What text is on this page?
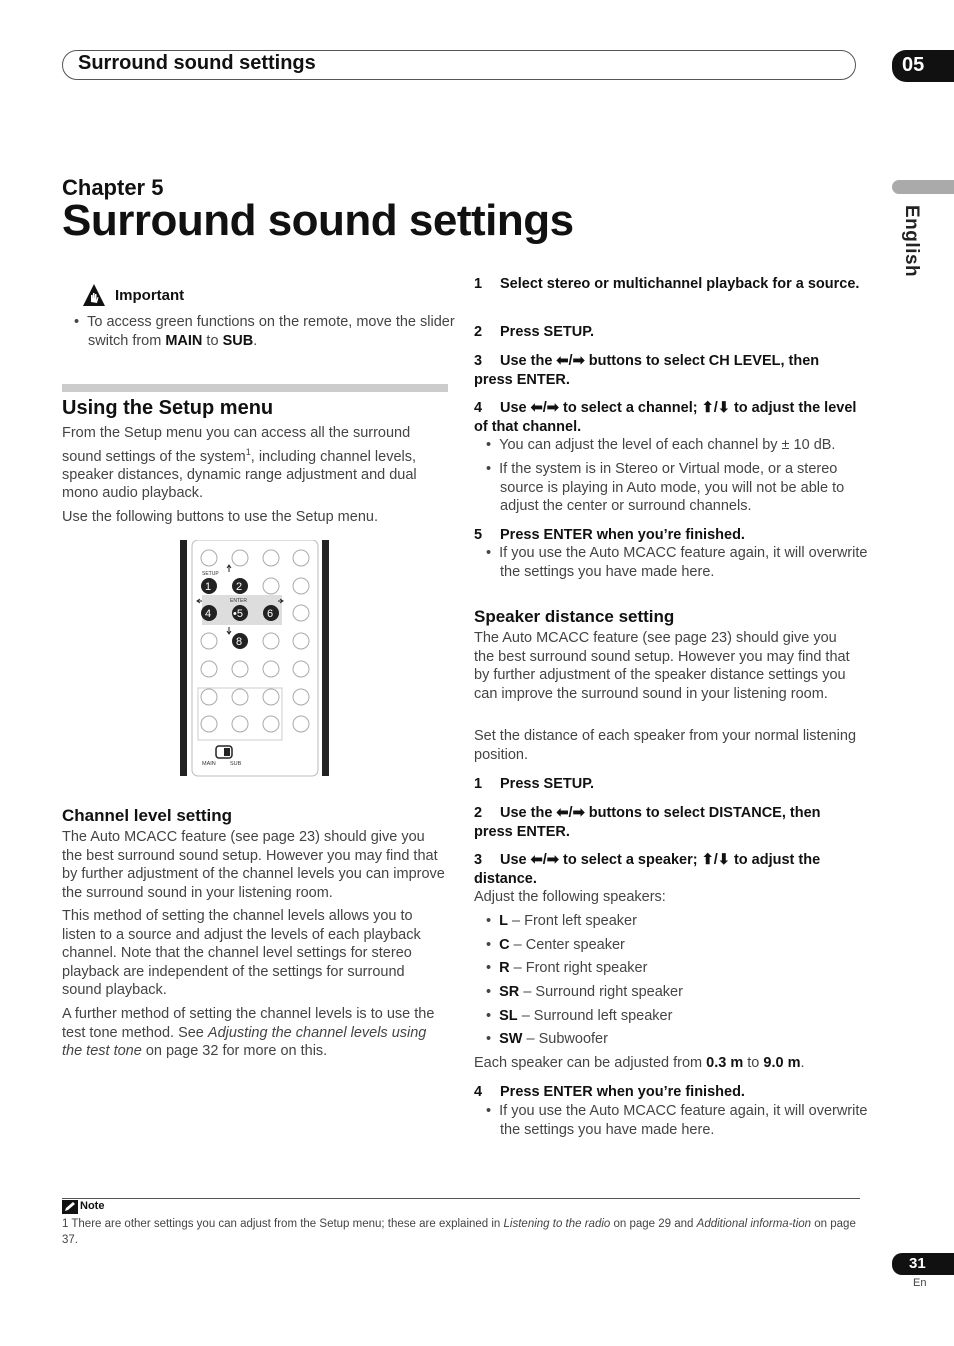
Surround sound settings	05
English
Chapter 5
Surround sound settings
Important
•  To access green functions on the remote, move the slider switch from MAIN to SUB.
Using the Setup menu
From the Setup menu you can access all the surround sound settings of the system$^1$, including channel levels, speaker distances, dynamic range adjustment and dual mono audio playback.
Use the following buttons to use the Setup menu.
SETUP
ENTER
1 2
4 •5 6
8
MAIN	SUB
Channel level setting
The Auto MCACC feature (see page 23) should give you the best surround sound setup. However you may find that by further adjustment of the channel levels you can improve the surround sound in your listening room.
This method of setting the channel levels allows you to listen to a source and adjust the levels of each playback channel. Note that the channel level settings for stereo playback are independent of the settings for surround sound playback.
A further method of setting the channel levels is to use the test tone method. See Adjusting the channel levels using the test tone on page 32 for more on this.
1 Select stereo or multichannel playback for a source.
2 Press SETUP.
3 Use the ⬅/➡ buttons to select CH LEVEL, then press ENTER.
4 Use ⬅/➡ to select a channel; ⬆/⬇ to adjust the level of that channel.
•  You can adjust the level of each channel by ± 10 dB.
•  If the system is in Stereo or Virtual mode, or a stereo source is playing in Auto mode, you will not be able to adjust the center or surround channels.
5 Press ENTER when you’re finished.
•  If you use the Auto MCACC feature again, it will overwrite the settings you have made here.
Speaker distance setting
The Auto MCACC feature (see page 23) should give you the best surround sound setup. However you may find that by further adjustment of the speaker distance settings you can improve the surround sound in your listening room.
Set the distance of each speaker from your normal listening position.
1 Press SETUP.
2 Use the ⬅/➡ buttons to select DISTANCE, then press ENTER.
3 Use ⬅/➡ to select a speaker; ⬆/⬇ to adjust the distance.
Adjust the following speakers:
•  L – Front left speaker
•  C – Center speaker
•  R – Front right speaker
•  SR – Surround right speaker
•  SL – Surround left speaker
•  SW – Subwoofer
Each speaker can be adjusted from 0.3 m to 9.0 m.
4 Press ENTER when you’re finished.
•  If you use the Auto MCACC feature again, it will overwrite the settings you have made here.
Note
1 There are other settings you can adjust from the Setup menu; these are explained in Listening to the radio on page 29 and Additional informa-tion on page 37.
31
En
